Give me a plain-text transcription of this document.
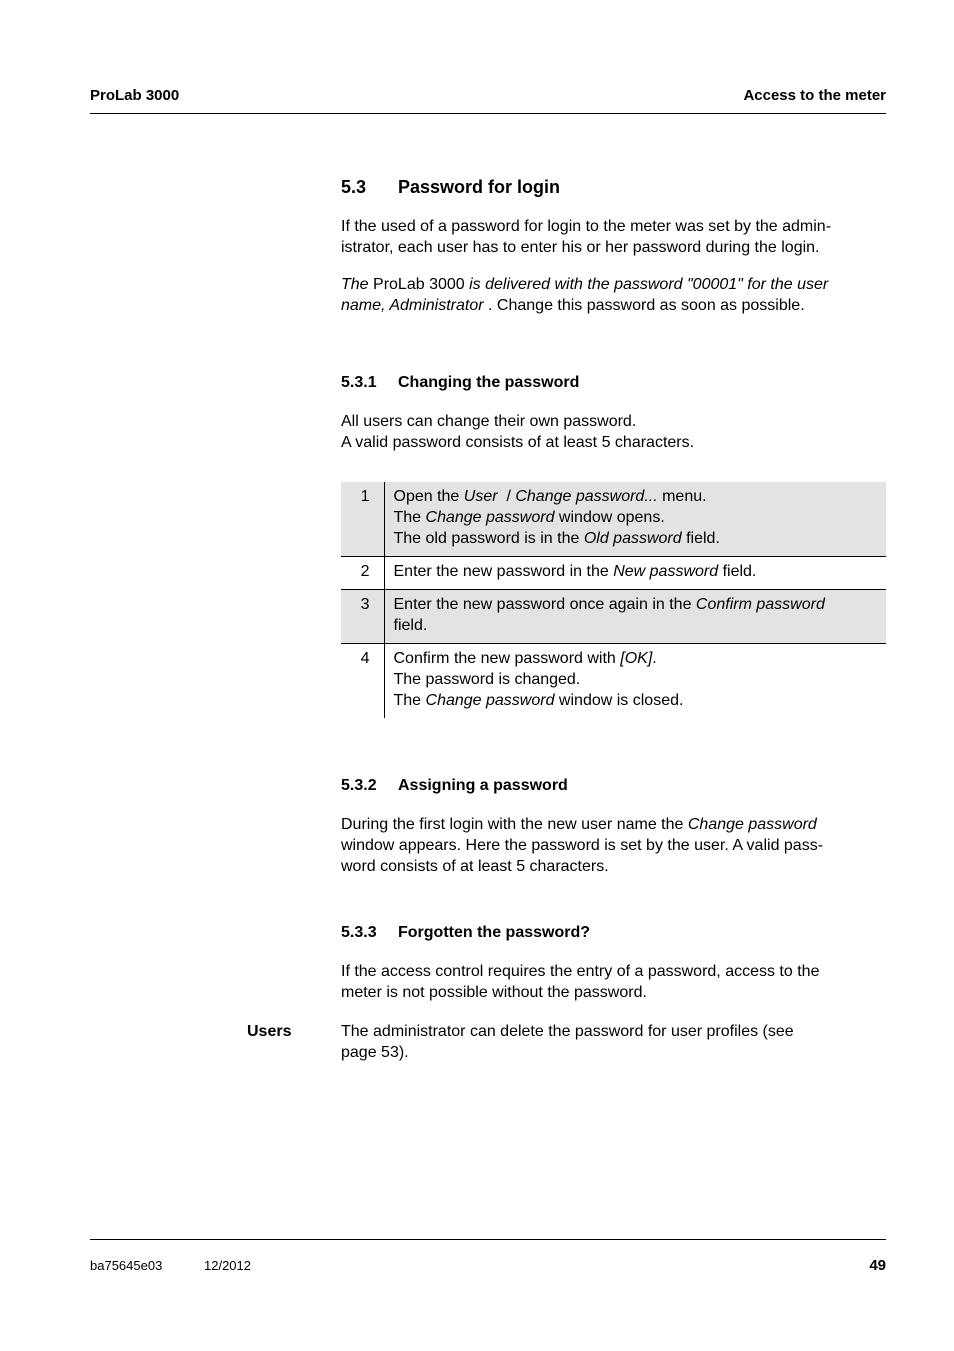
ProLab 3000	Access to the meter
5.3 Password for login
If the used of a password for login to the meter was set by the admin-
istrator, each user has to enter his or her password during the login.
The ProLab 3000 is delivered with the password "00001" for the user
name, Administrator . Change this password as soon as possible.
5.3.1 Changing the password
All users can change their own password.
A valid password consists of at least 5 characters.
1	Open the User  / Change password... menu.
The Change password window opens.
The old password is in the Old password field.

2	Enter the new password in the New password field.

3	Enter the new password once again in the Confirm password
field.

4	Confirm the new password with [OK].
The password is changed.
The Change password window is closed.
5.3.2 Assigning a password
During the first login with the new user name the Change password
window appears. Here the password is set by the user. A valid pass-
word consists of at least 5 characters.
5.3.3 Forgotten the password?
If the access control requires the entry of a password, access to the
meter is not possible without the password.
Users	The administrator can delete the password for user profiles (see
page 53).
ba75645e03	12/2012	49
